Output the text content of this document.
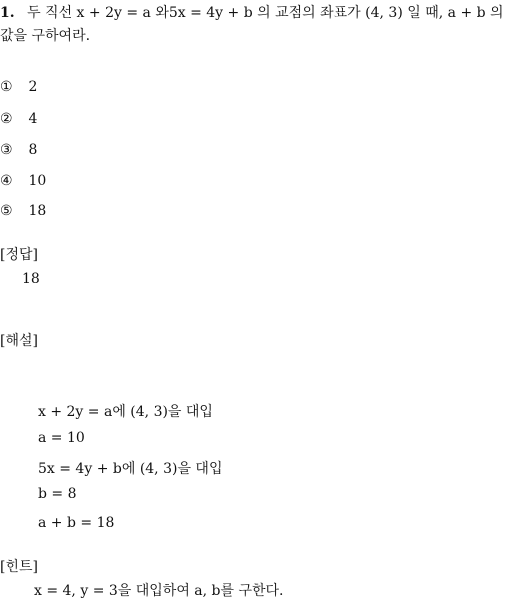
1. 두 직선 x + 2y = a 와5x = 4y + b 의 교점의 좌표가 (4, 3) 일 때, a + b 의
값을 구하여라.
① 2
② 4
③ 8
④ 10
⑤ 18
[정답]
18
[해설]
x + 2y = a에 (4, 3)을 대입
a = 10
5x = 4y + b에 (4, 3)을 대입
b = 8
a + b = 18
[힌트]
x = 4, y = 3을 대입하여 a, b를 구한다.
